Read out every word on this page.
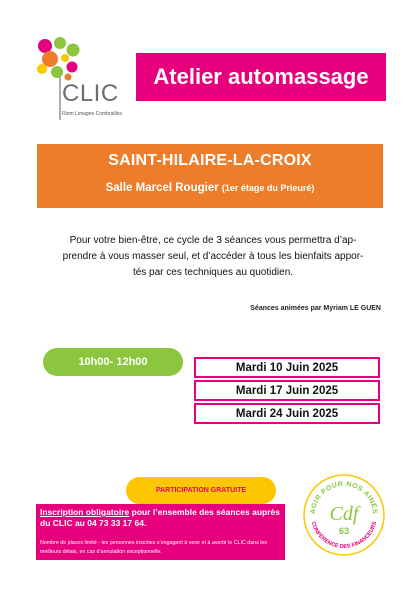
CLIC
Riom Limagne Combrailles
Atelier automassage
SAINT-HILAIRE-LA-CROIX
Salle Marcel Rougier (1er étage du Prieuré)
Pour votre bien-être, ce cycle de 3 séances vous permettra d’ap-
prendre à vous masser seul, et d’accéder à tous les bienfaits appor-
tés par ces techniques au quotidien.
Séances animées par Myriam LE GUEN
10h00- 12h00	Mardi 10 Juin 2025
Mardi 17 Juin 2025
Mardi 24 Juin 2025
PARTICIPATION GRATUITE
Inscription obligatoire pour l’ensemble des séances auprès du CLIC au 04 73 33 17 64.
Nombre de places limité - les personnes inscrites s’engagent à venir et à avertir le CLIC dans les meilleurs délais, en cas d’annulation exceptionnelle.
AGIR POUR NOS AINÉS
CONFÉRENCE DES FINANCEURS
Cdf
63
